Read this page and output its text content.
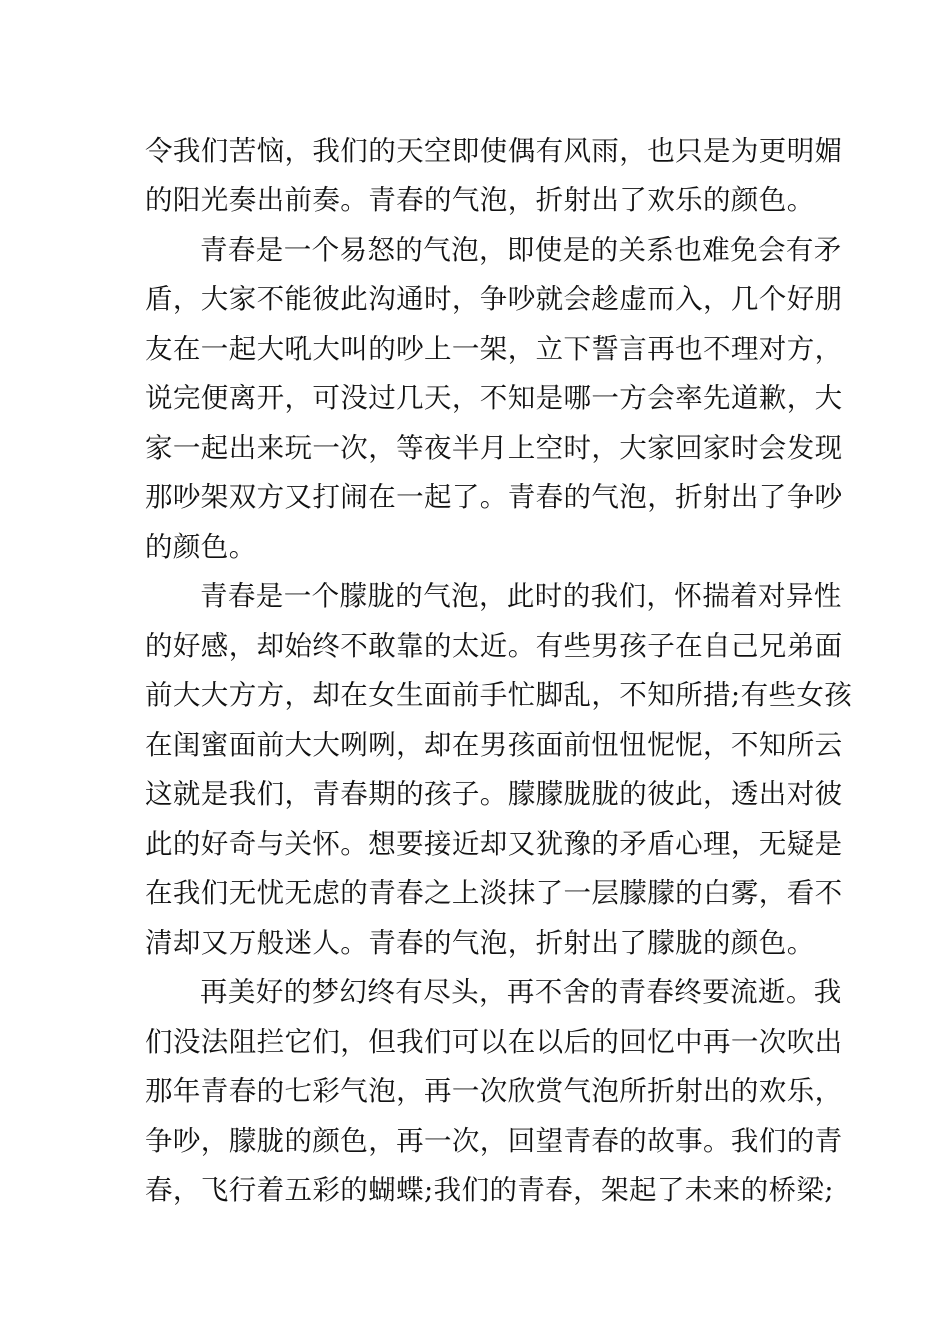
令我们苦恼，我们的天空即使偶有风雨，也只是为更明媚
的阳光奏出前奏。青春的气泡，折射出了欢乐的颜色。
青春是一个易怒的气泡，即使是的关系也难免会有矛
盾，大家不能彼此沟通时，争吵就会趁虚而入，几个好朋
友在一起大吼大叫的吵上一架，立下誓言再也不理对方，
说完便离开，可没过几天，不知是哪一方会率先道歉，大
家一起出来玩一次，等夜半月上空时，大家回家时会发现
那吵架双方又打闹在一起了。青春的气泡，折射出了争吵
的颜色。
青春是一个朦胧的气泡，此时的我们，怀揣着对异性
的好感，却始终不敢靠的太近。有些男孩子在自己兄弟面
前大大方方，却在女生面前手忙脚乱，不知所措;有些女孩
在闺蜜面前大大咧咧，却在男孩面前忸忸怩怩，不知所云
这就是我们，青春期的孩子。朦朦胧胧的彼此，透出对彼
此的好奇与关怀。想要接近却又犹豫的矛盾心理，无疑是
在我们无忧无虑的青春之上淡抹了一层朦朦的白雾，看不
清却又万般迷人。青春的气泡，折射出了朦胧的颜色。
再美好的梦幻终有尽头，再不舍的青春终要流逝。我
们没法阻拦它们，但我们可以在以后的回忆中再一次吹出
那年青春的七彩气泡，再一次欣赏气泡所折射出的欢乐，
争吵，朦胧的颜色，再一次，回望青春的故事。我们的青
春，飞行着五彩的蝴蝶;我们的青春，架起了未来的桥梁;
